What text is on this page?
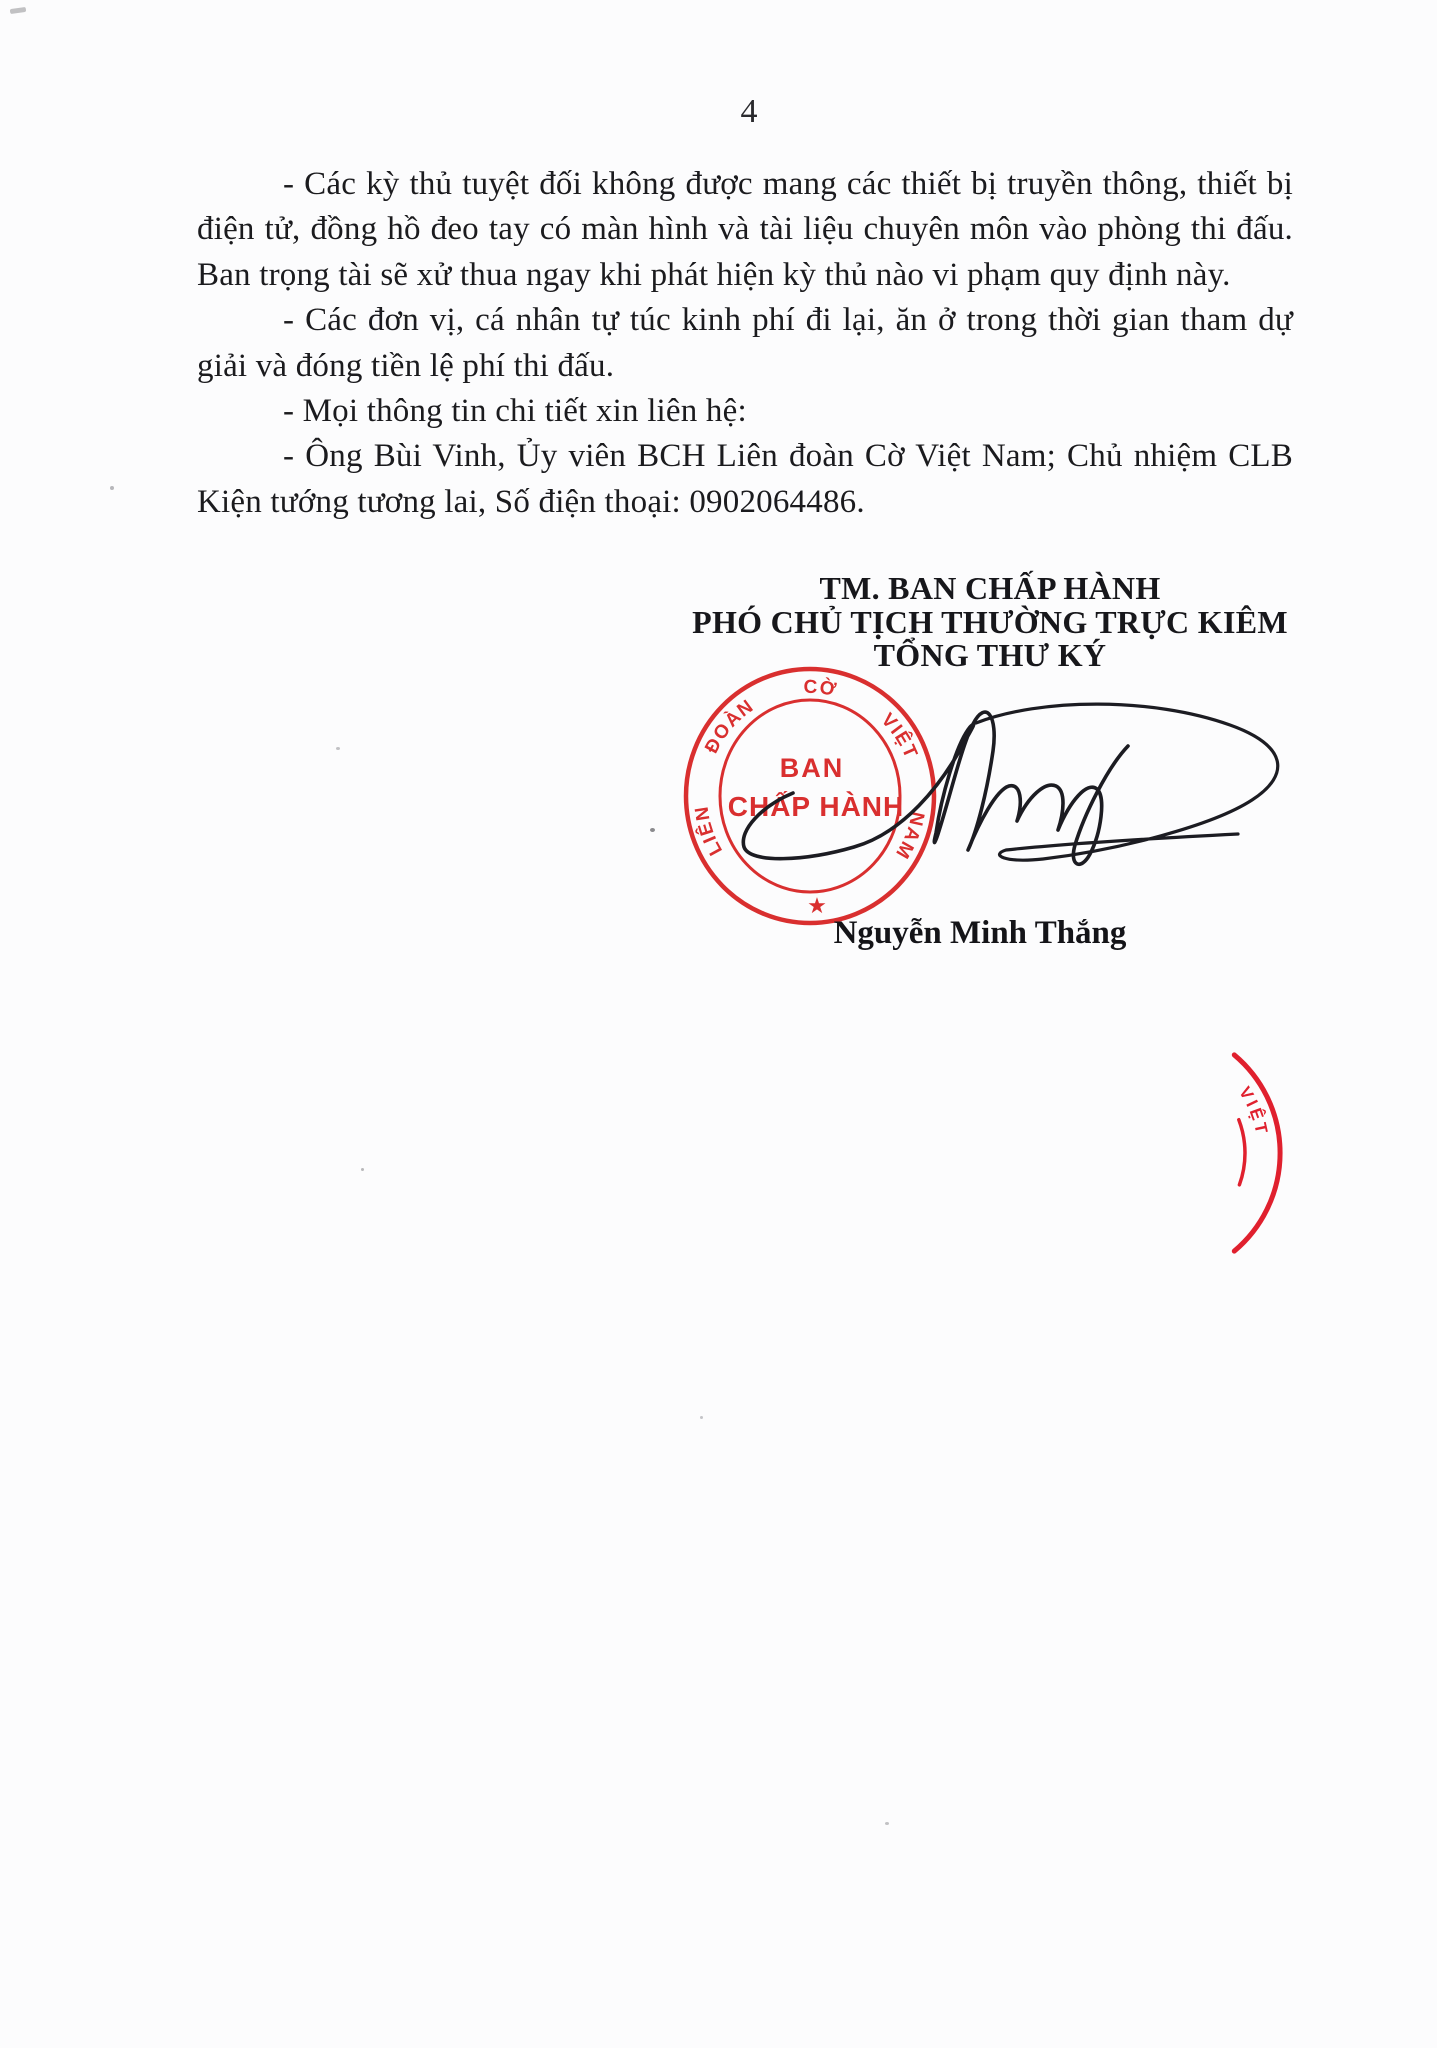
4
- Các kỳ thủ tuyệt đối không được mang các thiết bị truyền thông, thiết bị
điện tử, đồng hồ đeo tay có màn hình và tài liệu chuyên môn vào phòng thi đấu.
Ban trọng tài sẽ xử thua ngay khi phát hiện kỳ thủ nào vi phạm quy định này.
- Các đơn vị, cá nhân tự túc kinh phí đi lại, ăn ở trong thời gian tham dự
giải và đóng tiền lệ phí thi đấu.
- Mọi thông tin chi tiết xin liên hệ:
- Ông Bùi Vinh, Ủy viên BCH Liên đoàn Cờ Việt Nam; Chủ nhiệm CLB
Kiện tướng tương lai, Số điện thoại: 0902064486.
TM. BAN CHẤP HÀNH
PHÓ CHỦ TỊCH THƯỜNG TRỰC KIÊM
TỔNG THƯ KÝ
LIÊN ĐOÀN CỜ VIỆT NAM
BAN
CHẤP HÀNH
★
Nguyễn Minh Thắng
VIỆT
